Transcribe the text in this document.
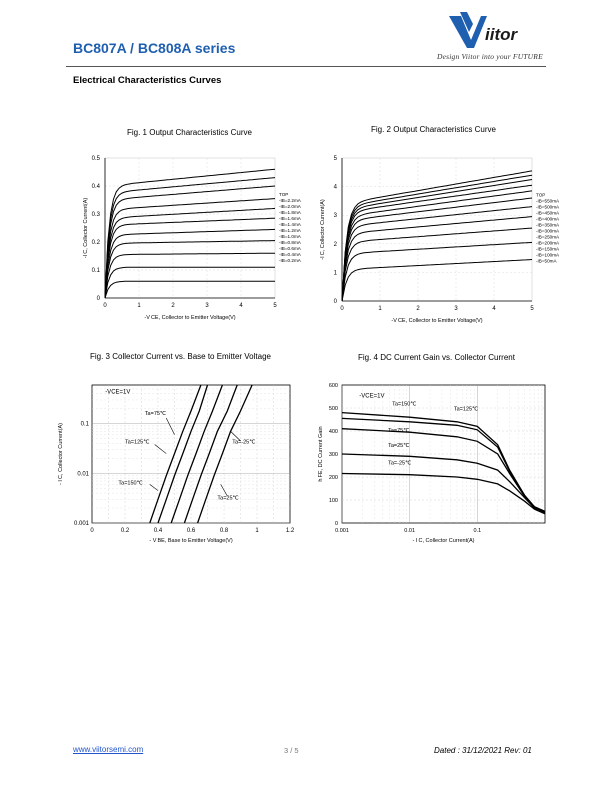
BC807A / BC808A series
iitor
Design Viitor into your FUTURE
Electrical Characteristics Curves
Fig. 1 Output Characteristics Curve	Fig. 2 Output Characteristics Curve
Fig. 3 Collector Current vs. Base to Emitter Voltage	Fig. 4 DC Current Gain vs. Collector Current
0	1	2	3	4	5
0
0.1
0.2
0.3
0.4
0.5
-V CE, Collector to Emitter Voltage(V)
-I C, Collector Current(A)
TOP
-IB=2.2mA
-IB=2.0mA
-IB=1.8mA
-IB=1.6mA
-IB=1.4mA
-IB=1.2mA
-IB=1.0mA
-IB=0.8mA
-IB=0.6mA
-IB=0.4mA
-IB=0.2mA
0	1	2	3	4	5
0
1
2
3
4
5
-V CE, Collector to Emitter Voltage(V)
-I C, Collector Current(A)
TOP
-IB=550mA
-IB=500mA
-IB=450mA
-IB=400mA
-IB=350mA
-IB=300mA
-IB=250mA
-IB=200mA
-IB=150mA
-IB=100mA
-IB=50mA
0	0.2	0.4	0.6	0.8	1	1.2
0.1
0.01
0.001
- V BE, Base to Emitter Voltage(V)
- I C, Collector Current(A)
-VCE=1V
Ta=75℃
Ta=125℃	Ta=-25℃
Ta=150℃
Ta=25℃
0.001	0.01	0.1
0
100
200
300
400
500
600
- I C, Collector Current(A)
h FE, DC Current Gain
-VCE=1V
Ta=150℃
Ta=125℃
Ta=75℃
Ta=25℃
Ta=-25℃
www.viitorsemi.com	3 / 5	Dated : 31/12/2021 Rev: 01
